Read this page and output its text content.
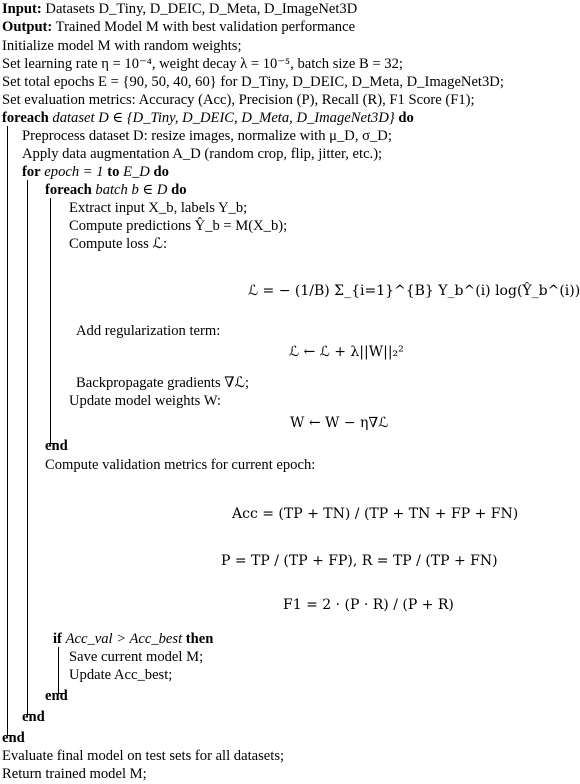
Input: Datasets D_Tiny, D_DEIC, D_Meta, D_ImageNet3D
Output: Trained Model M with best validation performance
Initialize model M with random weights;
Set learning rate η = 10⁻⁴, weight decay λ = 10⁻⁵, batch size B = 32;
Set total epochs E = {90, 50, 40, 60} for D_Tiny, D_DEIC, D_Meta, D_ImageNet3D;
Set evaluation metrics: Accuracy (Acc), Precision (P), Recall (R), F1 Score (F1);
foreach dataset D ∈ {D_Tiny, D_DEIC, D_Meta, D_ImageNet3D} do
Preprocess dataset D: resize images, normalize with μ_D, σ_D;
Apply data augmentation A_D (random crop, flip, jitter, etc.);
for epoch = 1 to E_D do
foreach batch b ∈ D do
Extract input X_b, labels Y_b;
Compute predictions Ŷ_b = M(X_b);
Compute loss ℒ:
ℒ = − (1/B) Σ_{i=1}^{B} Y_b^(i) log(Ŷ_b^(i))
Add regularization term:
ℒ ← ℒ + λ||W||₂²
Backpropagate gradients ∇ℒ;
Update model weights W:
W ← W − η∇ℒ
end
Compute validation metrics for current epoch:
Acc = (TP + TN) / (TP + TN + FP + FN)
P = TP / (TP + FP), R = TP / (TP + FN)
F1 = 2 · (P · R) / (P + R)
if Acc_val > Acc_best then
Save current model M;
Update Acc_best;
end
end
end
Evaluate final model on test sets for all datasets;
Return trained model M;
